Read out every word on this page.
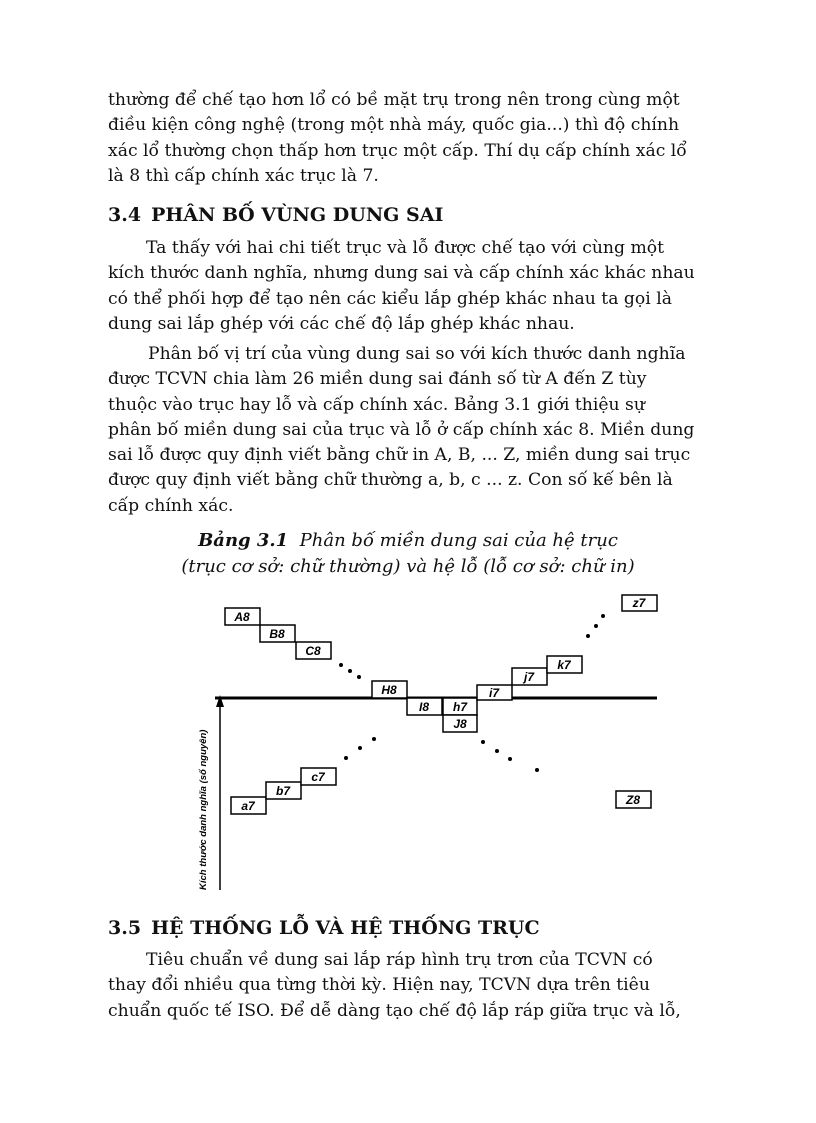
thường để chế tạo hơn lổ có bề mặt trụ trong nên trong cùng một
điều kiện công nghệ (trong một nhà máy, quốc gia...) thì độ chính
xác lổ thường chọn thấp hơn trục một cấp. Thí dụ cấp chính xác lổ
là 8 thì cấp chính xác trục là 7.

3.4 PHÂN BỐ VÙNG DUNG SAI

Ta thấy với hai chi tiết trục và lỗ được chế tạo với cùng một
kích thước danh nghĩa, nhưng dung sai và cấp chính xác khác nhau
có thể phối hợp để tạo nên các kiểu lắp ghép khác nhau ta gọi là
dung sai lắp ghép với các chế độ lắp ghép khác nhau.

Phân bố vị trí của vùng dung sai so với kích thước danh nghĩa
được TCVN chia làm 26 miền dung sai đánh số từ A đến Z tùy
thuộc vào trục hay lỗ và cấp chính xác. Bảng 3.1 giới thiệu sự
phân bố miền dung sai của trục và lỗ ở cấp chính xác 8. Miền dung
sai lỗ được quy định viết bằng chữ in A, B, ... Z, miền dung sai trục
được quy định viết bằng chữ thường a, b, c ... z. Con số kế bên là
cấp chính xác.

Bảng 3.1 Phân bố miền dung sai của hệ trục
(trục cơ sở: chữ thường) và hệ lỗ (lỗ cơ sở: chữ in)
Kích thước danh nghĩa (số nguyên)
A8
B8
C8
H8
I8 h7
J8
i7
j7
k7
z7
a7
b7
c7
Z8
3.5 HỆ THỐNG LỖ VÀ HỆ THỐNG TRỤC

Tiêu chuẩn về dung sai lắp ráp hình trụ trơn của TCVN có
thay đổi nhiều qua từng thời kỳ. Hiện nay, TCVN dựa trên tiêu
chuẩn quốc tế ISO. Để dễ dàng tạo chế độ lắp ráp giữa trục và lỗ,
